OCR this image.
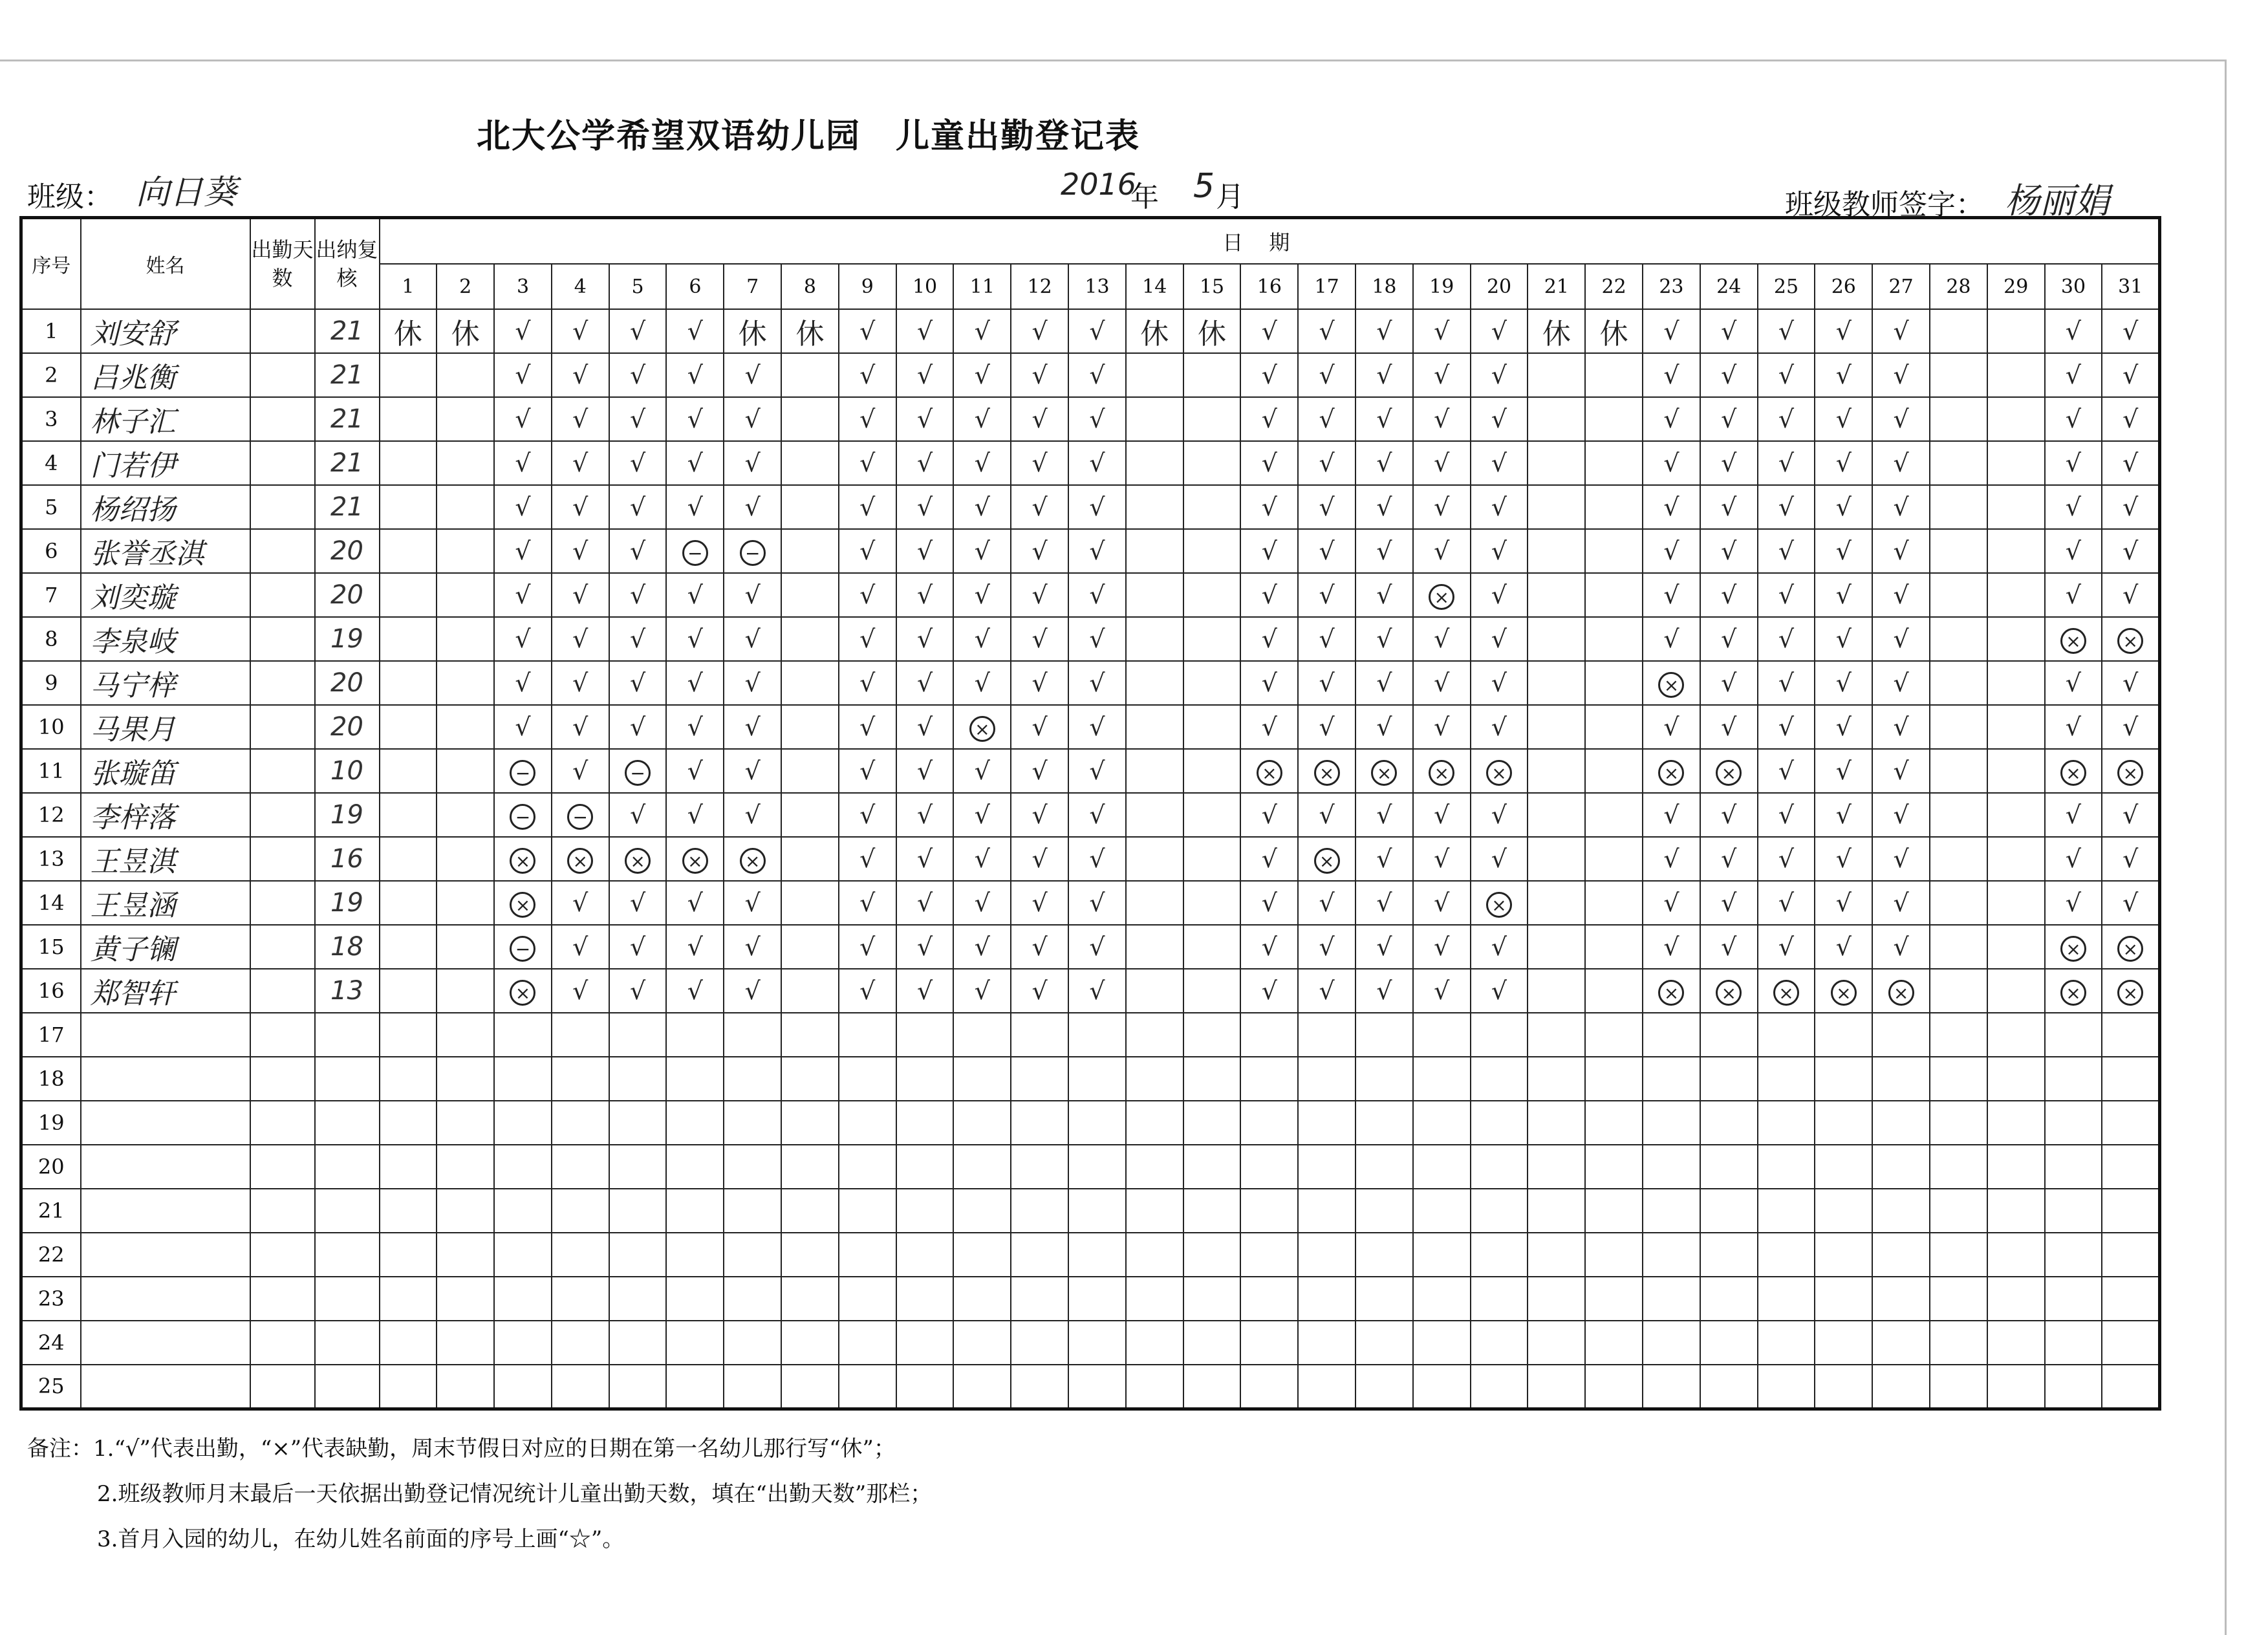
北大公学希望双语幼儿园　儿童出勤登记表
班级： 向日葵	2016
年 5 月	班级教师签字： 杨丽娟
序号	姓名	出勤天数	出纳复核	日期																														
				1	2	3	4	5	6	7	8	9	10	11	12	13	14	15	16	17	18	19	20	21	22	23	24	25	26	27	28	29	30	31
1	刘安舒		21	休	休	√	√	√	√	休	休	√	√	√	√	√	休	休	√	√	√	√	√	休	休	√	√	√	√	√			√	√
2	吕兆衡		21			√	√	√	√	√		√	√	√	√	√			√	√	√	√	√			√	√	√	√	√			√	√
3	林子汇		21			√	√	√	√	√		√	√	√	√	√			√	√	√	√	√			√	√	√	√	√			√	√
4	门若伊		21			√	√	√	√	√		√	√	√	√	√			√	√	√	√	√			√	√	√	√	√			√	√
5	杨绍扬		21			√	√	√	√	√		√	√	√	√	√			√	√	√	√	√			√	√	√	√	√			√	√
6	张誉丞淇		20			√	√	√	−	−		√	√	√	√	√			√	√	√	√	√			√	√	√	√	√			√	√
7	刘奕璇		20			√	√	√	√	√		√	√	√	√	√			√	√	√	×	√			√	√	√	√	√			√	√
8	李泉岐		19			√	√	√	√	√		√	√	√	√	√			√	√	√	√	√			√	√	√	√	√			×	×
9	马宁梓		20			√	√	√	√	√		√	√	√	√	√			√	√	√	√	√			×	√	√	√	√			√	√
10	马果月		20			√	√	√	√	√		√	√	×	√	√			√	√	√	√	√			√	√	√	√	√			√	√
11	张璇笛		10			−	√	−	√	√		√	√	√	√	√			×	×	×	×	×			×	×	√	√	√			×	×
12	李梓落		19			−	−	√	√	√		√	√	√	√	√			√	√	√	√	√			√	√	√	√	√			√	√
13	王昱淇		16			×	×	×	×	×		√	√	√	√	√			√	×	√	√	√			√	√	√	√	√			√	√
14	王昱涵		19			×	√	√	√	√		√	√	√	√	√			√	√	√	√	×			√	√	√	√	√			√	√
15	黄子镧		18			−	√	√	√	√		√	√	√	√	√			√	√	√	√	√			√	√	√	√	√			×	×
16	郑智轩		13			×	√	√	√	√		√	√	√	√	√			√	√	√	√	√			×	×	×	×	×			×	×
17																																		
18																																		
19																																		
20																																		
21																																		
22																																		
23																																		
24																																		
25																																		
备注：1.“√”代表出勤，“×”代表缺勤，周末节假日对应的日期在第一名幼儿那行写“休”；
2.班级教师月末最后一天依据出勤登记情况统计儿童出勤天数，填在“出勤天数”那栏；
3.首月入园的幼儿，在幼儿姓名前面的序号上画“☆”。
